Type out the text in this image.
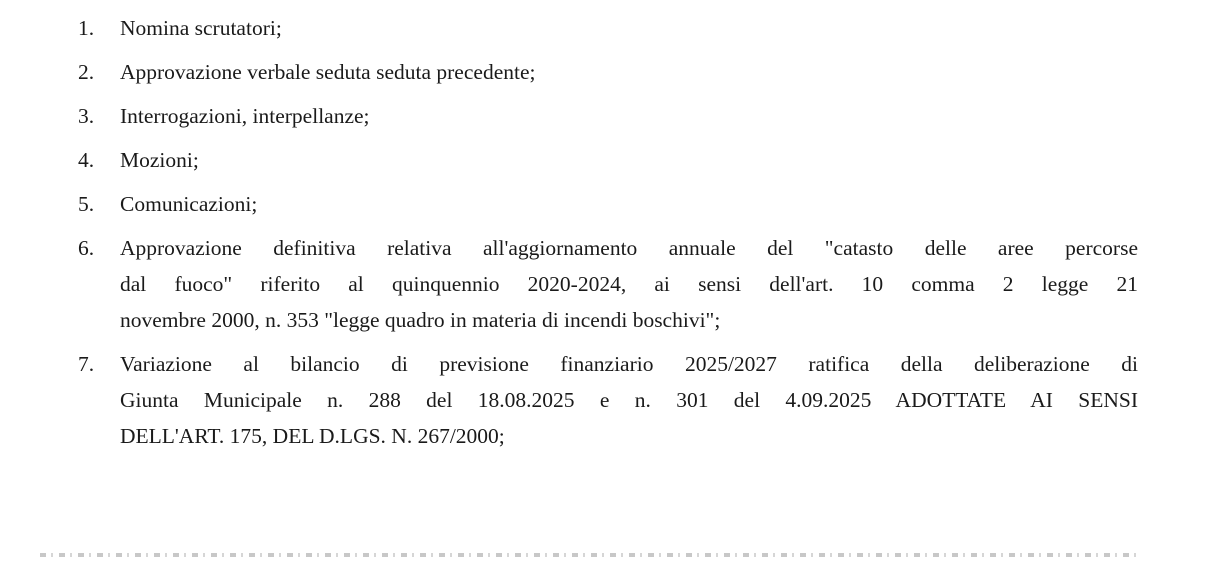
1. Nomina scrutatori;
2. Approvazione verbale seduta seduta precedente;
3. Interrogazioni, interpellanze;
4. Mozioni;
5. Comunicazioni;
6. Approvazione definitiva relativa all'aggiornamento annuale del "catasto delle aree percorse
dal fuoco" riferito al quinquennio 2020-2024, ai sensi dell'art. 10 comma 2 legge 21
novembre 2000, n. 353 "legge quadro in materia di incendi boschivi";
7. Variazione al bilancio di previsione finanziario 2025/2027 ratifica della deliberazione di
Giunta Municipale n. 288 del 18.08.2025 e n. 301 del 4.09.2025 ADOTTATE AI SENSI
DELL'ART. 175, DEL D.LGS. N. 267/2000;
